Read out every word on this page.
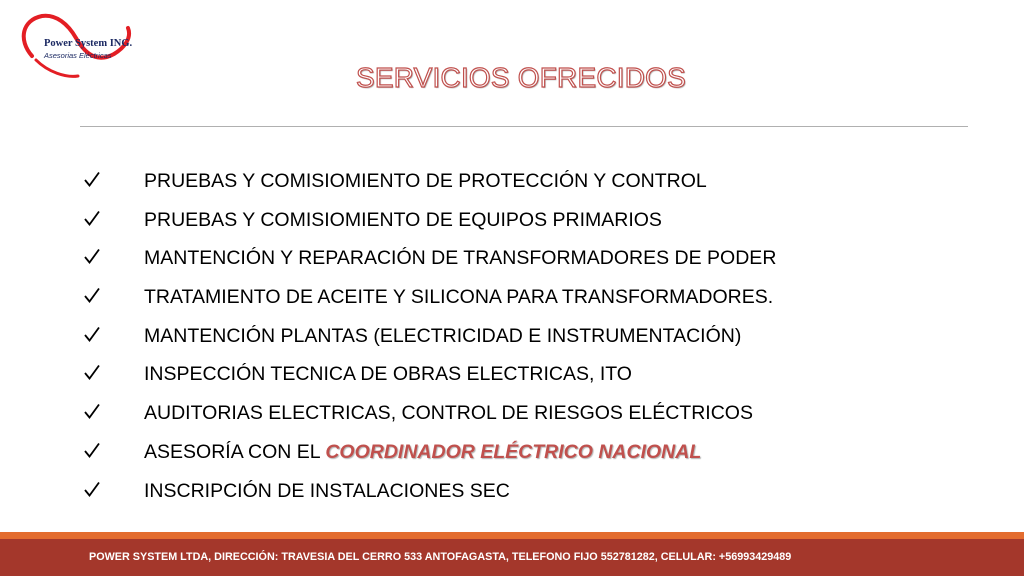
Power System ING.
Asesorias Eléctricas
SERVICIOS OFRECIDOS
PRUEBAS Y COMISIOMIENTO DE PROTECCIÓN Y CONTROL
PRUEBAS Y COMISIOMIENTO DE EQUIPOS PRIMARIOS
MANTENCIÓN Y REPARACIÓN DE TRANSFORMADORES DE PODER
TRATAMIENTO DE ACEITE Y SILICONA PARA TRANSFORMADORES.
MANTENCIÓN PLANTAS (ELECTRICIDAD E INSTRUMENTACIÓN)
INSPECCIÓN TECNICA DE OBRAS ELECTRICAS, ITO
AUDITORIAS ELECTRICAS, CONTROL DE RIESGOS ELÉCTRICOS
ASESORÍA CON EL COORDINADOR ELÉCTRICO NACIONAL
INSCRIPCIÓN DE INSTALACIONES SEC
POWER SYSTEM LTDA, DIRECCIÓN: TRAVESIA DEL CERRO 533 ANTOFAGASTA, TELEFONO FIJO 552781282, CELULAR: +56993429489
